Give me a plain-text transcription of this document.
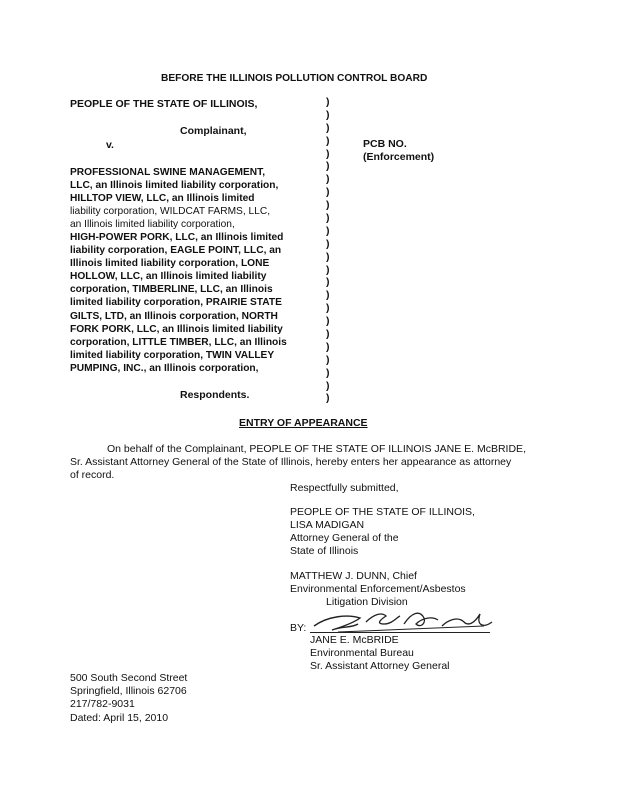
BEFORE THE ILLINOIS POLLUTION CONTROL BOARD
PEOPLE OF THE STATE OF ILLINOIS,
Complainant,
v.
PROFESSIONAL SWINE MANAGEMENT,
LLC, an Illinois limited liability corporation,
HILLTOP VIEW, LLC, an Illinois limited
liability corporation, WILDCAT FARMS, LLC,
an Illinois limited liability corporation,
HIGH-POWER PORK, LLC, an Illinois limited
liability corporation, EAGLE POINT, LLC, an
Illinois limited liability corporation, LONE
HOLLOW, LLC, an Illinois limited liability
corporation, TIMBERLINE, LLC, an Illinois
limited liability corporation, PRAIRIE STATE
GILTS, LTD, an Illinois corporation, NORTH
FORK PORK, LLC, an Illinois limited liability
corporation, LITTLE TIMBER, LLC, an Illinois
limited liability corporation, TWIN VALLEY
PUMPING, INC., an Illinois corporation,
Respondents.
)
)
)
)
)
)
)
)
)
)
)
)
)
)
)
)
)
)
)
)
)
)
)
)
PCB NO.
(Enforcement)
ENTRY OF APPEARANCE
On behalf of the Complainant, PEOPLE OF THE STATE OF ILLINOIS JANE E. McBRIDE,
Sr. Assistant Attorney General of the State of Illinois, hereby enters her appearance as attorney
of record.
Respectfully submitted,
PEOPLE OF THE STATE OF ILLINOIS,
LISA MADIGAN
Attorney General of the
State of Illinois
MATTHEW J. DUNN, Chief
Environmental Enforcement/Asbestos
Litigation Division
BY:
JANE E. McBRIDE
Environmental Bureau
Sr. Assistant Attorney General
500 South Second Street
Springfield, Illinois 62706
217/782-9031
Dated: April 15, 2010
